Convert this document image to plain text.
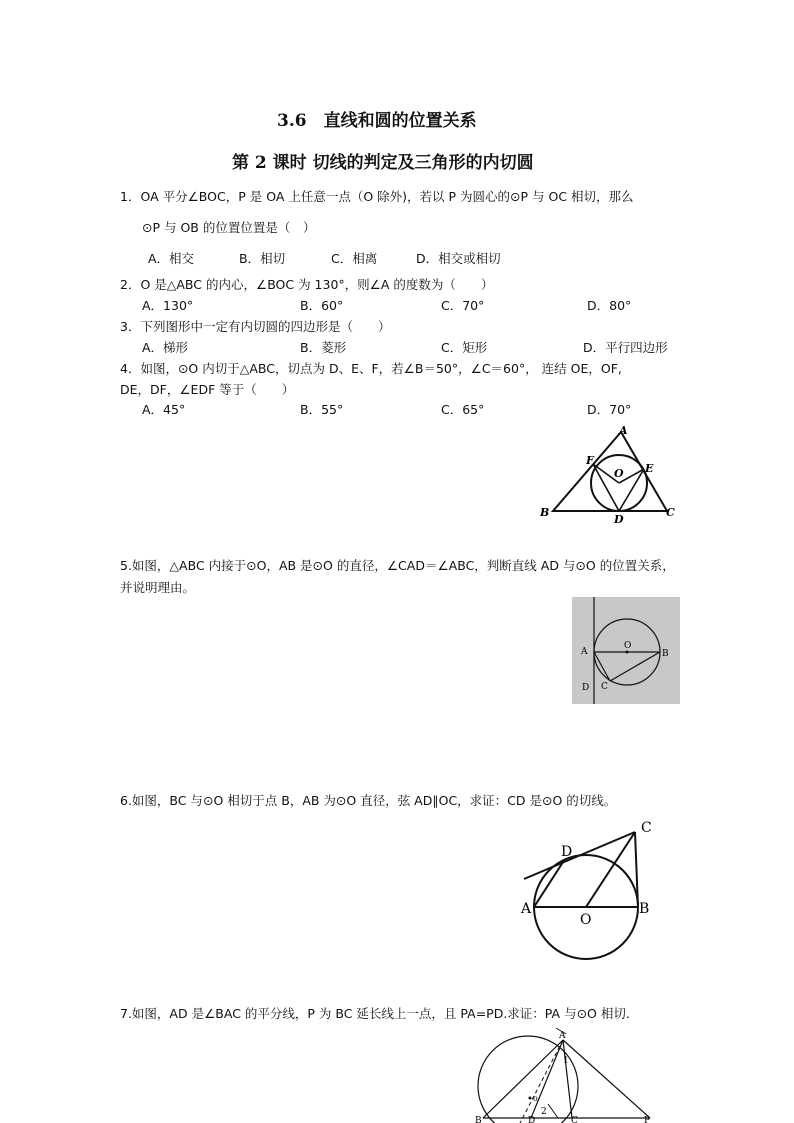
3.6　直线和圆的位置关系
第 2 课时 切线的判定及三角形的内切圆
1．OA 平分∠BOC，P 是 OA 上任意一点（O 除外)，若以 P 为圆心的⊙P 与 OC 相切，那么
⊙P 与 OB 的位置位置是（　）
A．相交	B．相切	C．相离	D．相交或相切
2．O 是△ABC 的内心，∠BOC 为 130°，则∠A 的度数为（　　）
A．130°	B．60°	C．70°	D．80°
3．下列图形中一定有内切圆的四边形是（　　）
A．梯形	B．菱形	C．矩形	D．平行四边形
4．如图，⊙O 内切于△ABC，切点为 D、E、F，若∠B＝50°，∠C＝60°， 连结 OE，OF,
DE，DF，∠EDF 等于（　　）
A．45°	B．55°	C．65°	D．70°
A
B	C
D
E
F
O
5.如图，△ABC 内接于⊙O，AB 是⊙O 的直径，∠CAD＝∠ABC，判断直线 AD 与⊙O 的位置关系，
并说明理由。
A	B
C
D
O
6.如图，BC 与⊙O 相切于点 B，AB 为⊙O 直径，弦 AD∥OC，求证：CD 是⊙O 的切线。
A	B
C
D
O
7.如图，AD 是∠BAC 的平分线，P 为 BC 延长线上一点，且 PA=PD.求证：PA 与⊙O 相切.
A
1
2
o
B	D	C	P
